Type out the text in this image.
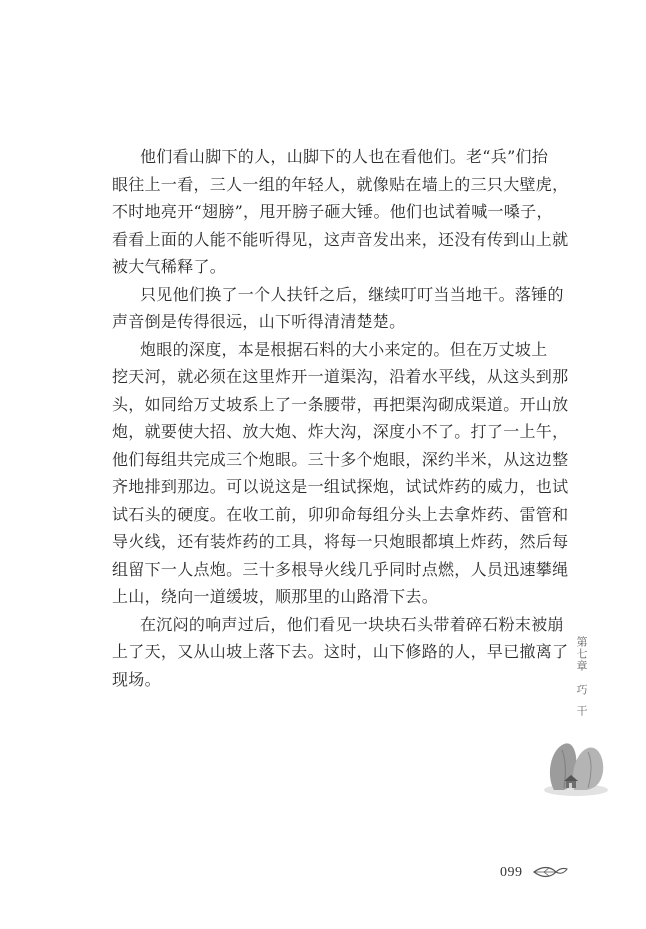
他们看山脚下的人，山脚下的人也在看他们。老“兵”们抬
眼往上一看，三人一组的年轻人，就像贴在墙上的三只大壁虎，
不时地亮开“翅膀”，甩开膀子砸大锤。他们也试着喊一嗓子，
看看上面的人能不能听得见，这声音发出来，还没有传到山上就
被大气稀释了。
只见他们换了一个人扶钎之后，继续叮叮当当地干。落锤的
声音倒是传得很远，山下听得清清楚楚。
炮眼的深度，本是根据石料的大小来定的。但在万丈坡上
挖天河，就必须在这里炸开一道渠沟，沿着水平线，从这头到那
头，如同给万丈坡系上了一条腰带，再把渠沟砌成渠道。开山放
炮，就要使大招、放大炮、炸大沟，深度小不了。打了一上午，
他们每组共完成三个炮眼。三十多个炮眼，深约半米，从这边整
齐地排到那边。可以说这是一组试探炮，试试炸药的威力，也试
试石头的硬度。在收工前，卯卯命每组分头上去拿炸药、雷管和
导火线，还有装炸药的工具，将每一只炮眼都填上炸药，然后每
组留下一人点炮。三十多根导火线几乎同时点燃，人员迅速攀绳
上山，绕向一道缓坡，顺那里的山路滑下去。
在沉闷的响声过后，他们看见一块块石头带着碎石粉末被崩
上了天，又从山坡上落下去。这时，山下修路的人，早已撤离了
现场。
第七章
巧干
099
